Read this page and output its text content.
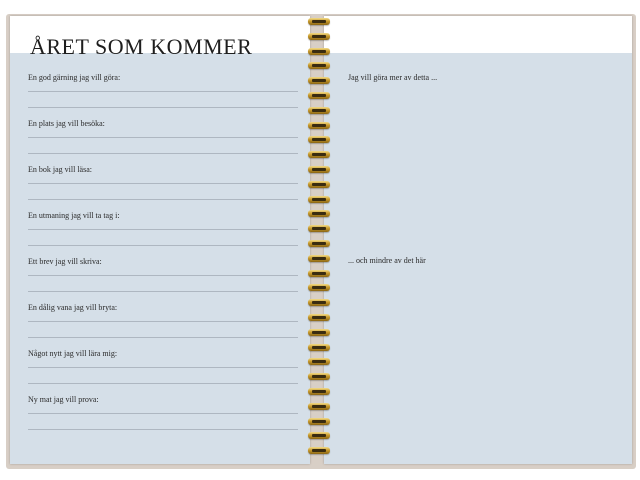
ÅRET SOM KOMMER
En god gärning jag vill göra:
En plats jag vill besöka:
En bok jag vill läsa:
En utmaning jag vill ta tag i:
Ett brev jag vill skriva:
En dålig vana jag vill bryta:
Något nytt jag vill lära mig:
Ny mat jag vill prova:
Jag vill göra mer av detta ...
... och mindre av det här
